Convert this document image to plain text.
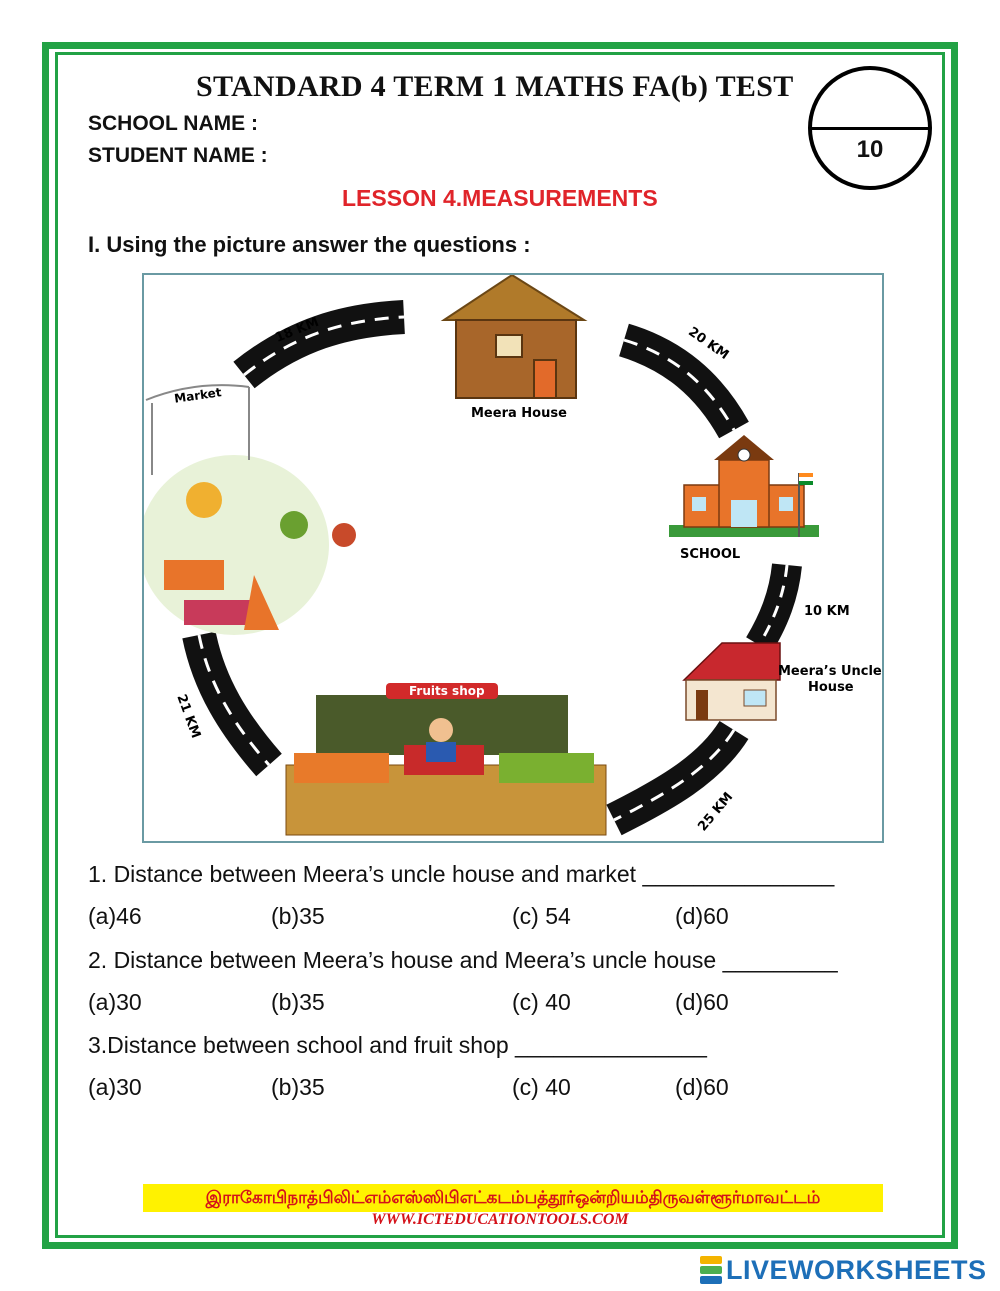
STANDARD 4 TERM 1 MATHS FA(b) TEST
SCHOOL NAME :
STUDENT NAME :	10
LESSON 4.MEASUREMENTS
I. Using the picture answer the questions :
18 KM	20 KM
10 KM
25 KM
21 KM
Meera House
SCHOOL
Meera’s Uncle
House
Market
Fruits shop
1. Distance between Meera’s uncle house and market _______________
(a)46	(b)35	(c) 54	(d)60
2. Distance between Meera’s house and Meera’s uncle house _________
(a)30	(b)35	(c) 40	(d)60
3.Distance between school and fruit shop _______________
(a)30	(b)35	(c) 40	(d)60
இராகோபிநாத்பிலிட்எம்எஸ்ஸிபிஎட்கடம்பத்தூர்ஒன்றியம்திருவள்ளூர்மாவட்டம்
WWW.ICTEDUCATIONTOOLS.COM
LIVEWORKSHEETS
